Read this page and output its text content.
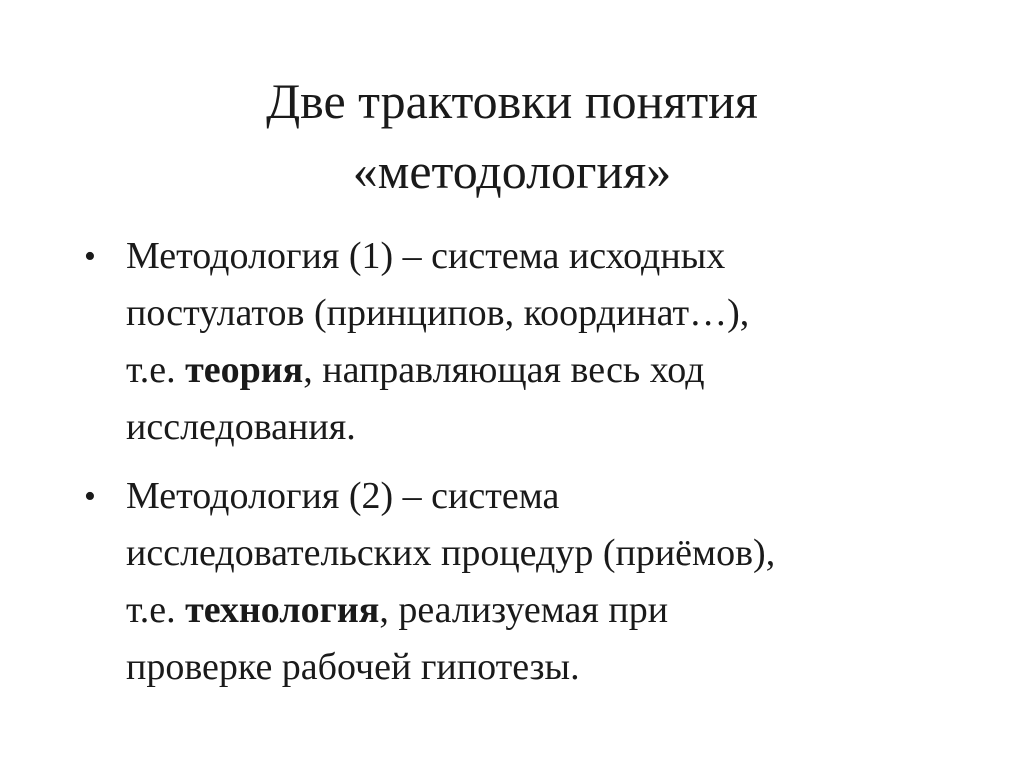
Две трактовки понятия
«методология»
• Методология (1) – система исходных
постулатов (принципов, координат…),
т.е. теория, направляющая весь ход
исследования.
• Методология (2) – система
исследовательских процедур (приёмов),
т.е. технология, реализуемая при
проверке рабочей гипотезы.
